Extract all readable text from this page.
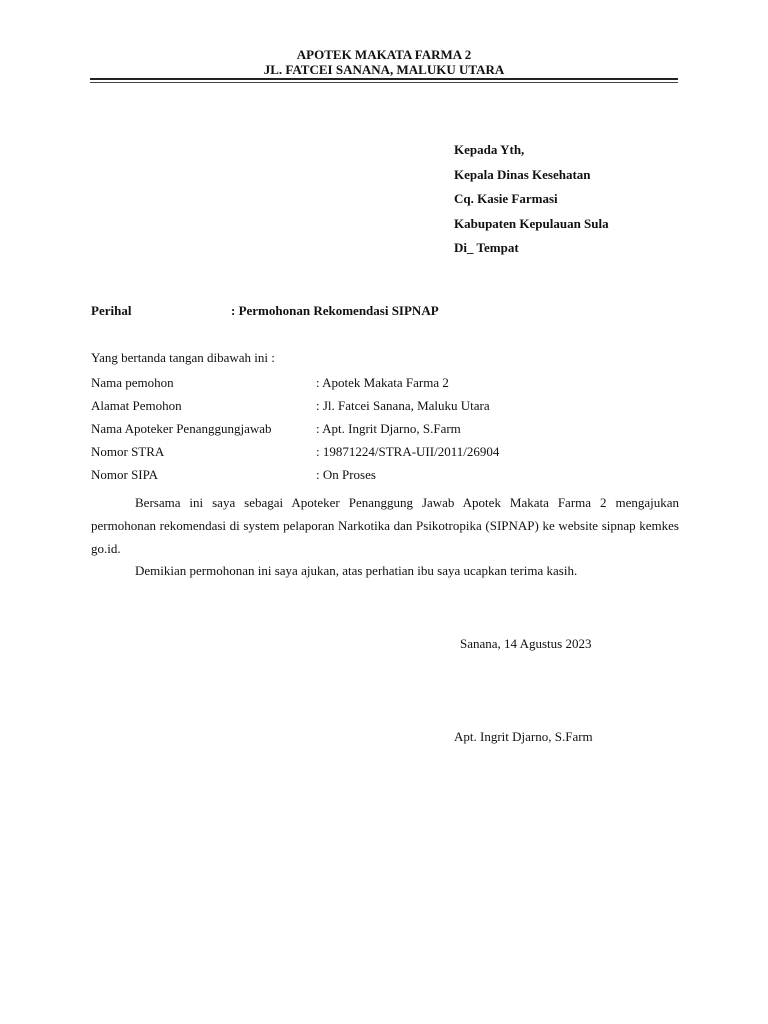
APOTEK MAKATA FARMA 2
JL. FATCEI SANANA, MALUKU UTARA
Kepada Yth,
Kepala Dinas Kesehatan
Cq. Kasie Farmasi
Kabupaten Kepulauan Sula
Di_ Tempat
Perihal	: Permohonan Rekomendasi SIPNAP
Yang bertanda tangan dibawah ini :
Nama pemohon	: Apotek Makata Farma 2
Alamat Pemohon	: Jl. Fatcei Sanana, Maluku Utara
Nama Apoteker Penanggungjawab	: Apt. Ingrit Djarno, S.Farm
Nomor STRA	: 19871224/STRA-UII/2011/26904
Nomor SIPA	: On Proses
Bersama ini saya sebagai Apoteker Penanggung Jawab Apotek Makata Farma 2 mengajukan permohonan rekomendasi di system pelaporan Narkotika dan Psikotropika (SIPNAP) ke website sipnap kemkes go.id.
Demikian permohonan ini saya ajukan, atas perhatian ibu saya ucapkan terima kasih.
Sanana, 14 Agustus 2023
Apt. Ingrit Djarno, S.Farm
